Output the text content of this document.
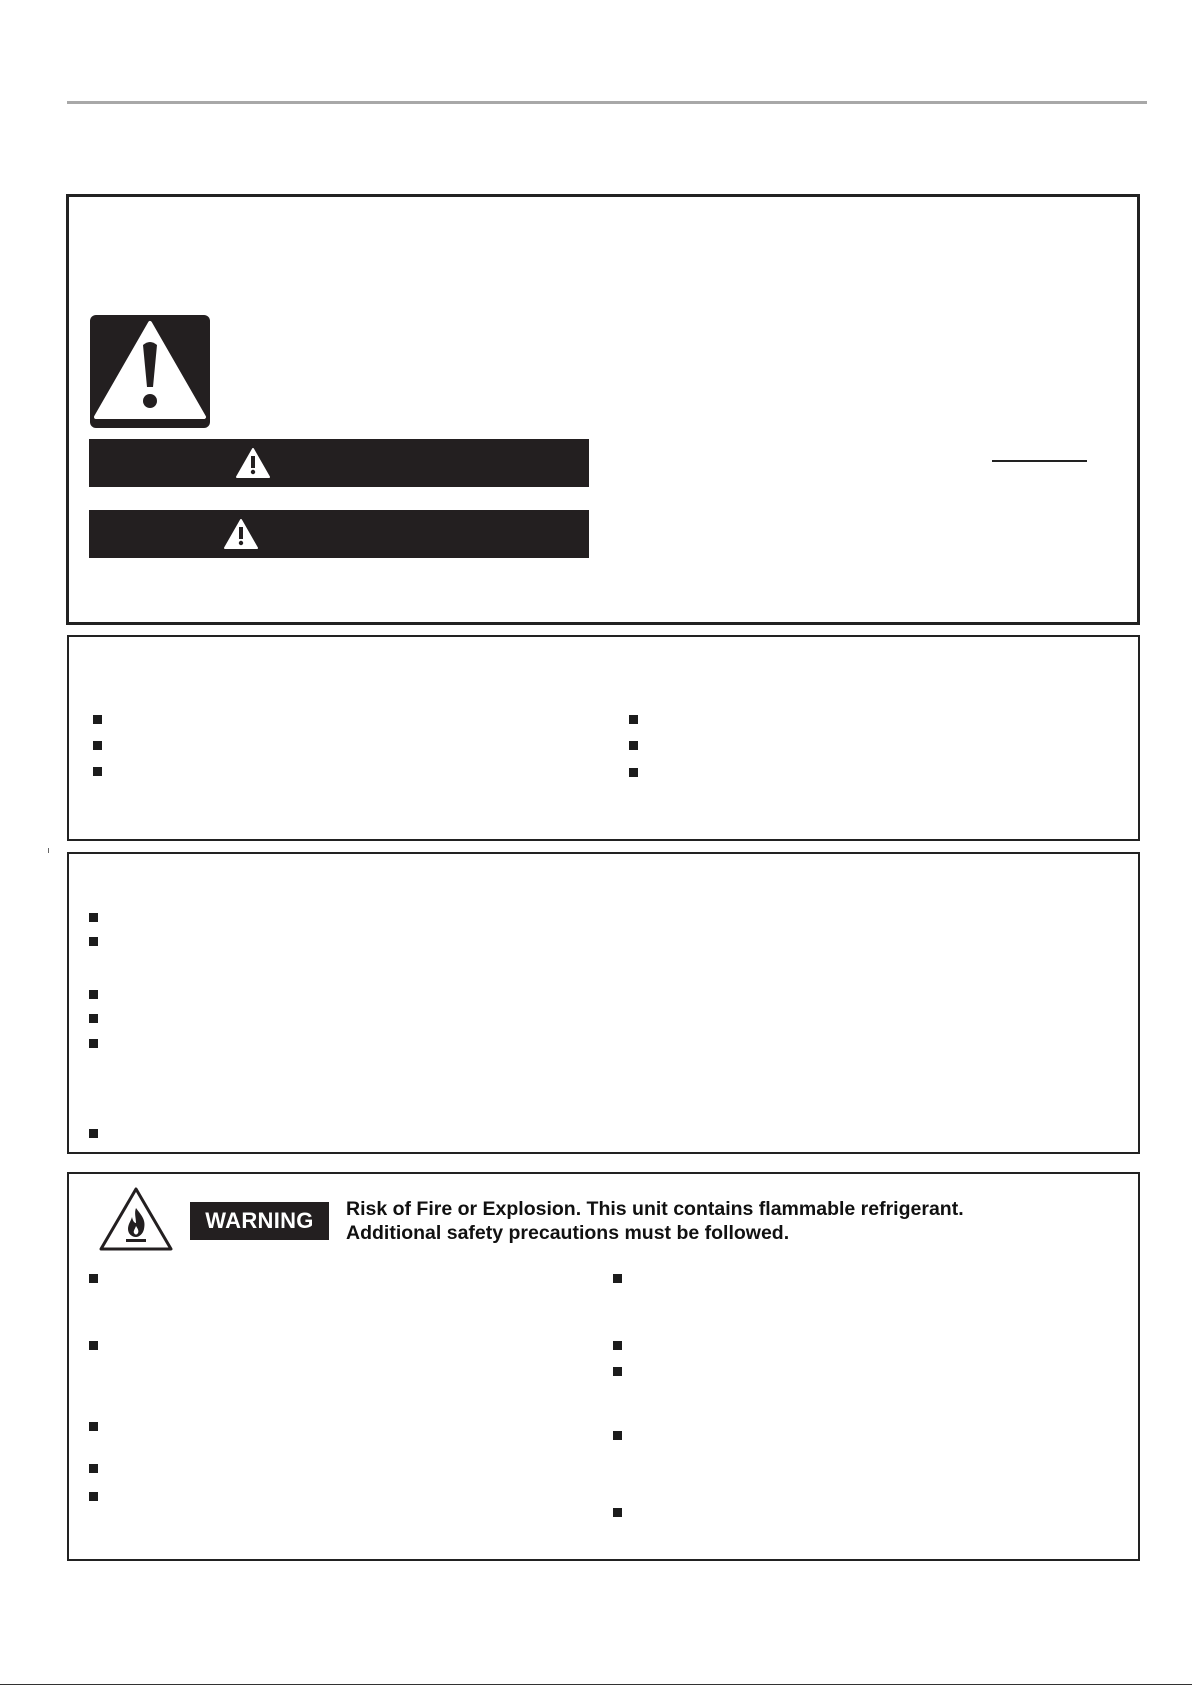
WARNING	Risk of Fire or Explosion. This unit contains flammable refrigerant.
Additional safety precautions must be followed.
